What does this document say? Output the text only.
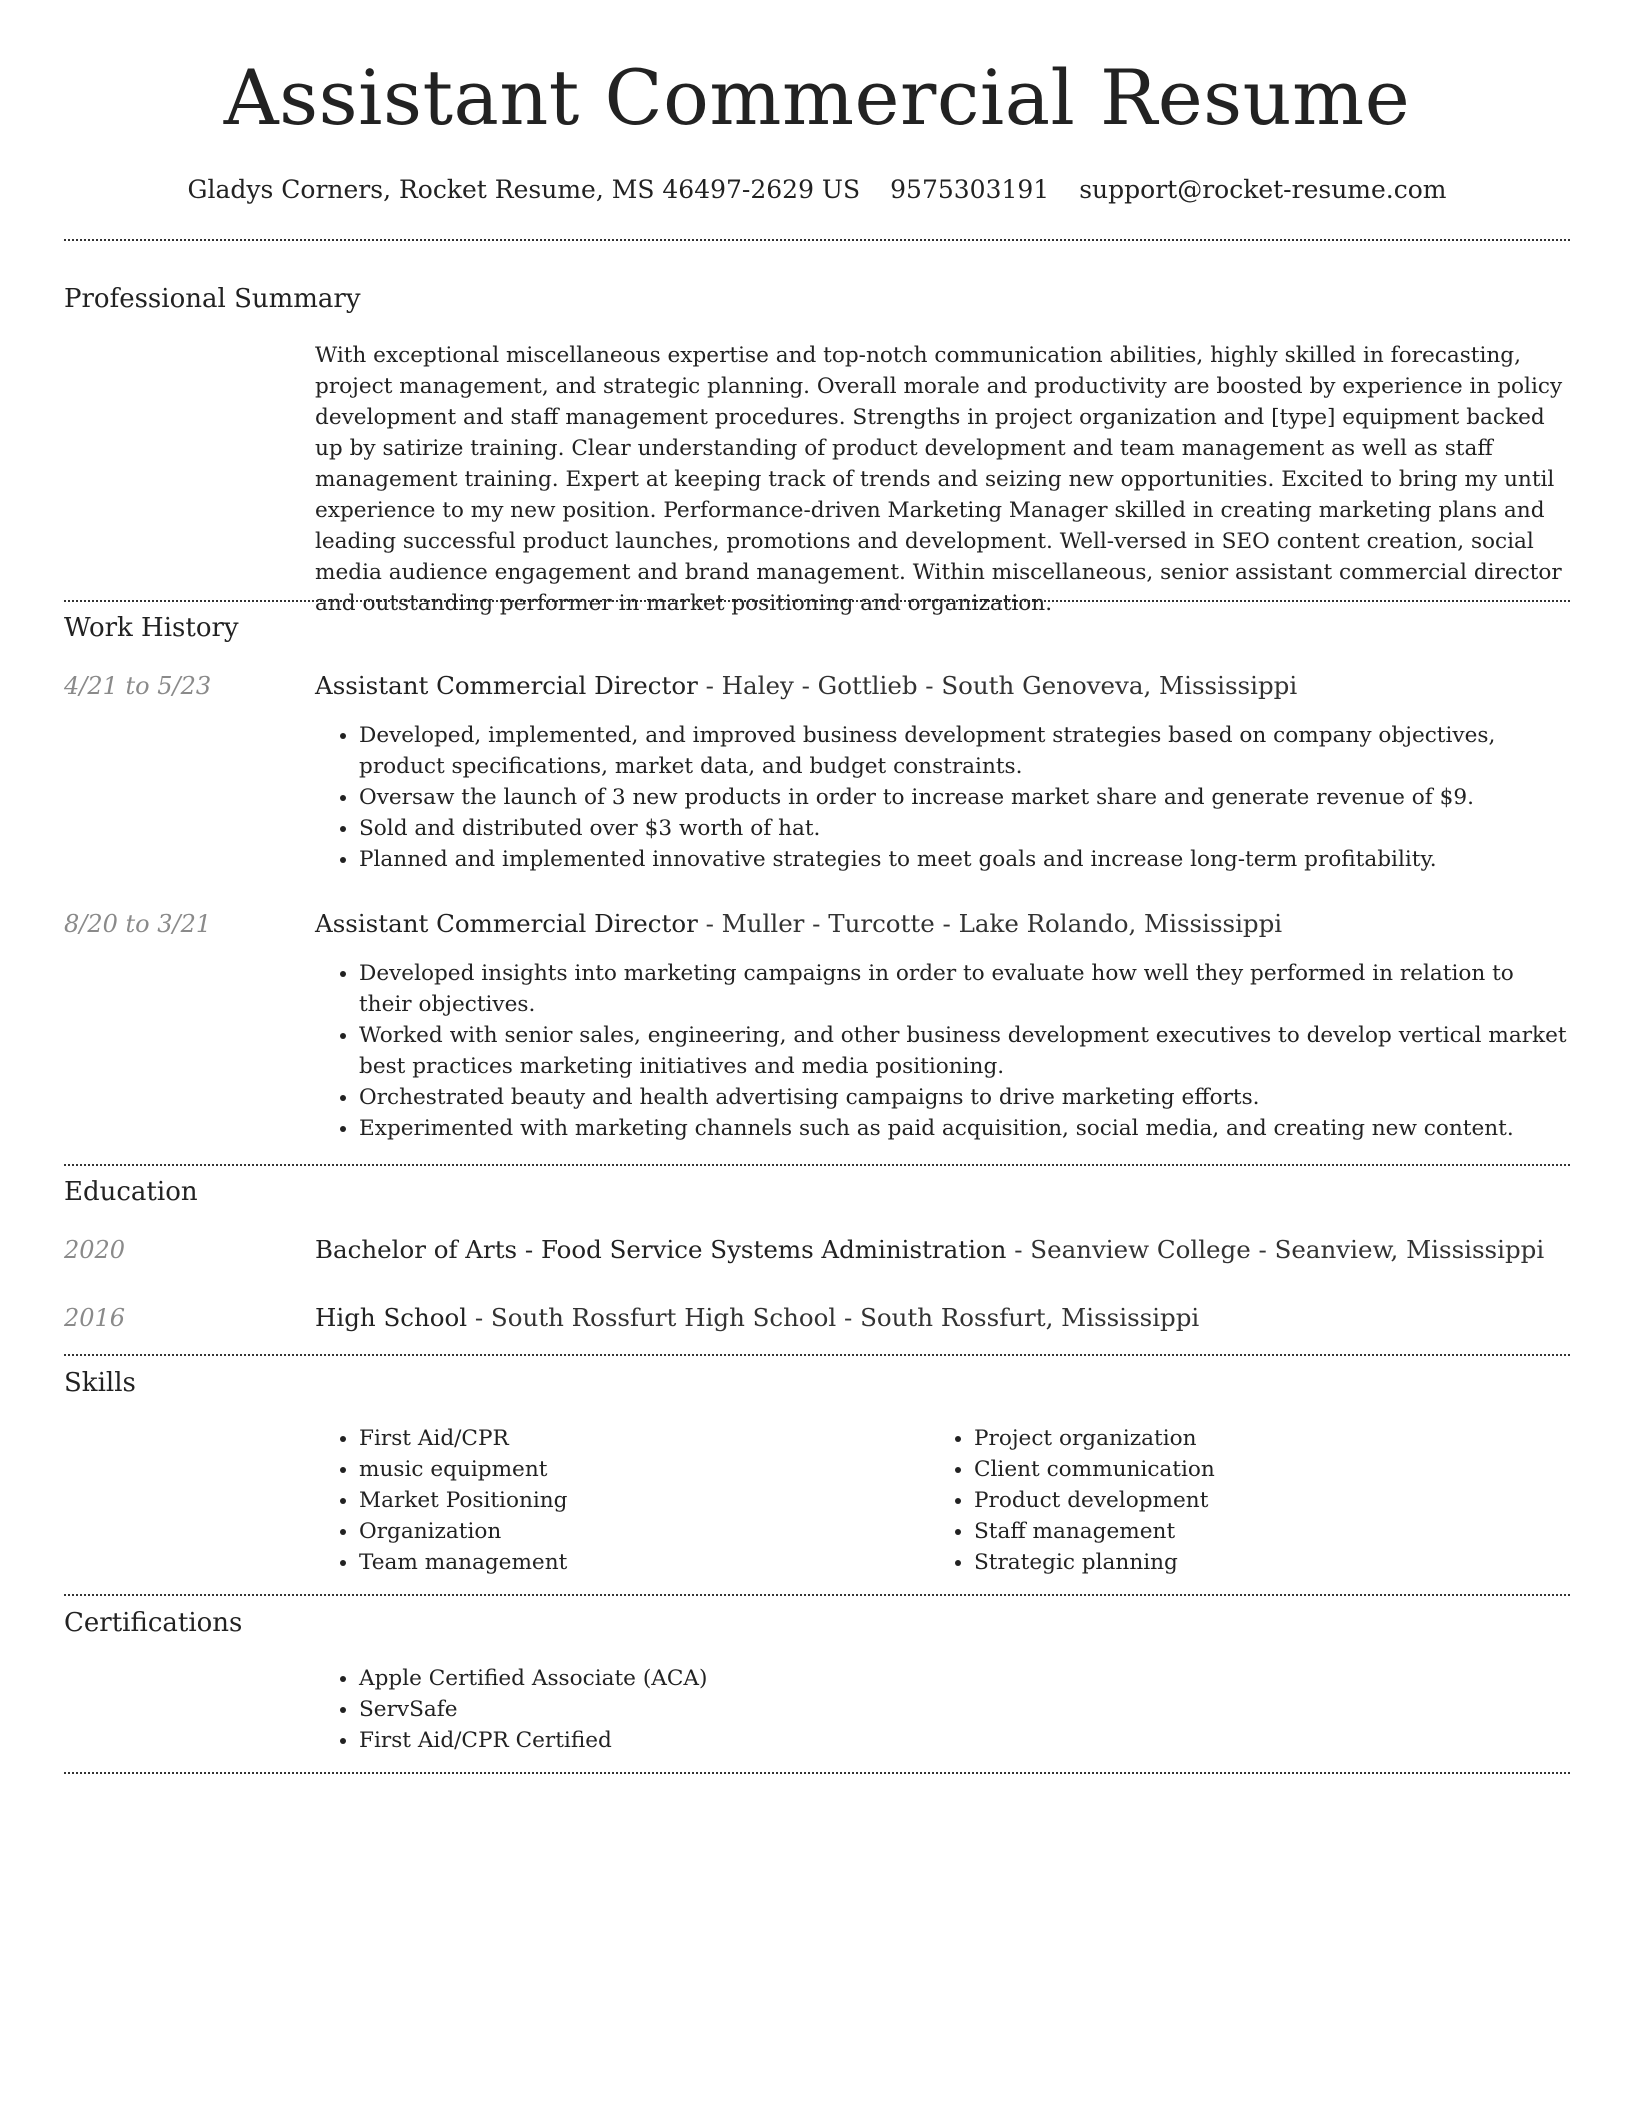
Assistant Commercial Resume
Gladys Corners, Rocket Resume, MS 46497-2629 US 9575303191 support@rocket-resume.com
Professional Summary

With exceptional miscellaneous expertise and top-notch communication abilities, highly skilled in forecasting, project management, and strategic planning. Overall morale and productivity are boosted by experience in policy development and staff management procedures. Strengths in project organization and [type] equipment backed up by satirize training. Clear understanding of product development and team management as well as staff management training. Expert at keeping track of trends and seizing new opportunities. Excited to bring my until experience to my new position. Performance-driven Marketing Manager skilled in creating marketing plans and leading successful product launches, promotions and development. Well-versed in SEO content creation, social media audience engagement and brand management. Within miscellaneous, senior assistant commercial director and outstanding performer in market positioning and organization.

Work History
4/21 to 5/23	Assistant Commercial Director - Haley - Gottlieb - South Genoveva, Mississippi
• Developed, implemented, and improved business development strategies based on company objectives, product specifications, market data, and budget constraints.
• Oversaw the launch of 3 new products in order to increase market share and generate revenue of $9.
• Sold and distributed over $3 worth of hat.
• Planned and implemented innovative strategies to meet goals and increase long-term profitability.
8/20 to 3/21	Assistant Commercial Director - Muller - Turcotte - Lake Rolando, Mississippi
• Developed insights into marketing campaigns in order to evaluate how well they performed in relation to their objectives.
• Worked with senior sales, engineering, and other business development executives to develop vertical market best practices marketing initiatives and media positioning.
• Orchestrated beauty and health advertising campaigns to drive marketing efforts.
• Experimented with marketing channels such as paid acquisition, social media, and creating new content.
Education
2020	Bachelor of Arts - Food Service Systems Administration - Seanview College - Seanview, Mississippi
2016	High School - South Rossfurt High School - South Rossfurt, Mississippi
Skills
• First Aid/CPR
• music equipment
• Market Positioning
• Organization
• Team management
• Project organization
• Client communication
• Product development
• Staff management
• Strategic planning
Certifications
• Apple Certified Associate (ACA)
• ServSafe
• First Aid/CPR Certified
